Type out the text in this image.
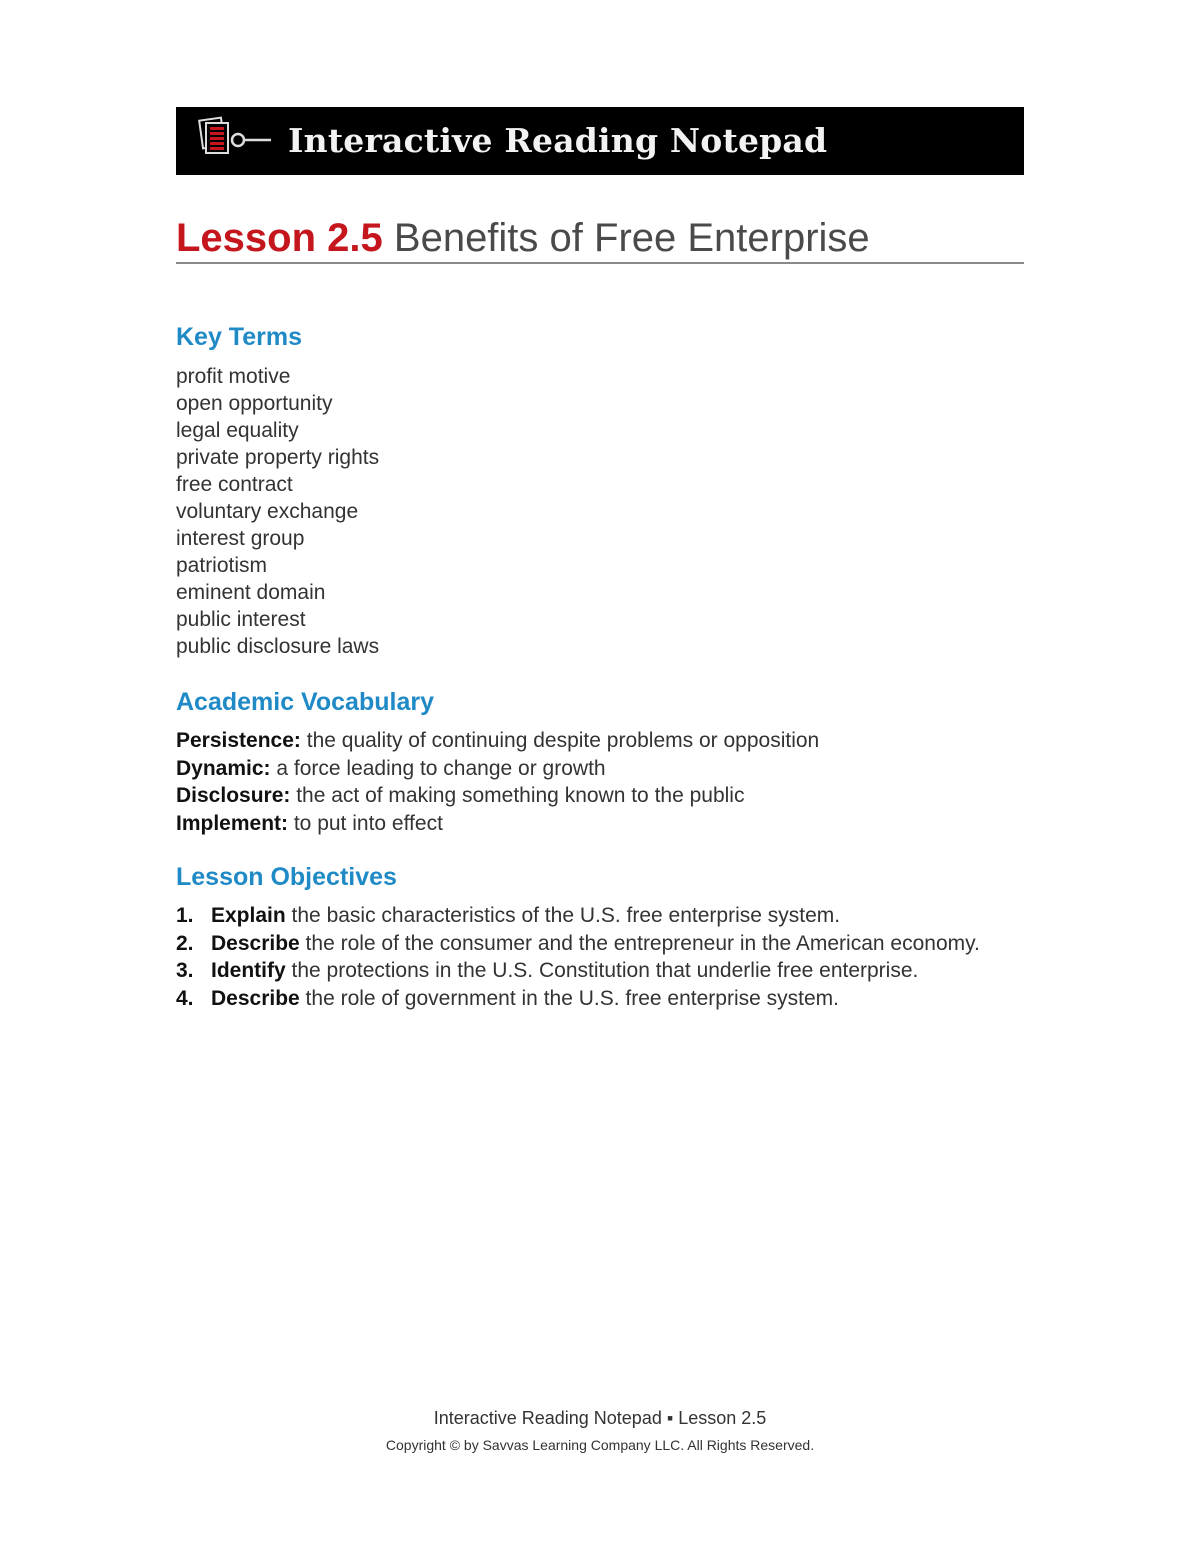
Interactive Reading Notepad
Lesson 2.5 Benefits of Free Enterprise
Key Terms
profit motive
open opportunity
legal equality
private property rights
free contract
voluntary exchange
interest group
patriotism
eminent domain
public interest
public disclosure laws
Academic Vocabulary
Persistence: the quality of continuing despite problems or opposition
Dynamic: a force leading to change or growth
Disclosure: the act of making something known to the public
Implement: to put into effect
Lesson Objectives
1. Explain the basic characteristics of the U.S. free enterprise system.
2. Describe the role of the consumer and the entrepreneur in the American economy.
3. Identify the protections in the U.S. Constitution that underlie free enterprise.
4. Describe the role of government in the U.S. free enterprise system.
Interactive Reading Notepad ▪ Lesson 2.5
Copyright © by Savvas Learning Company LLC. All Rights Reserved.
